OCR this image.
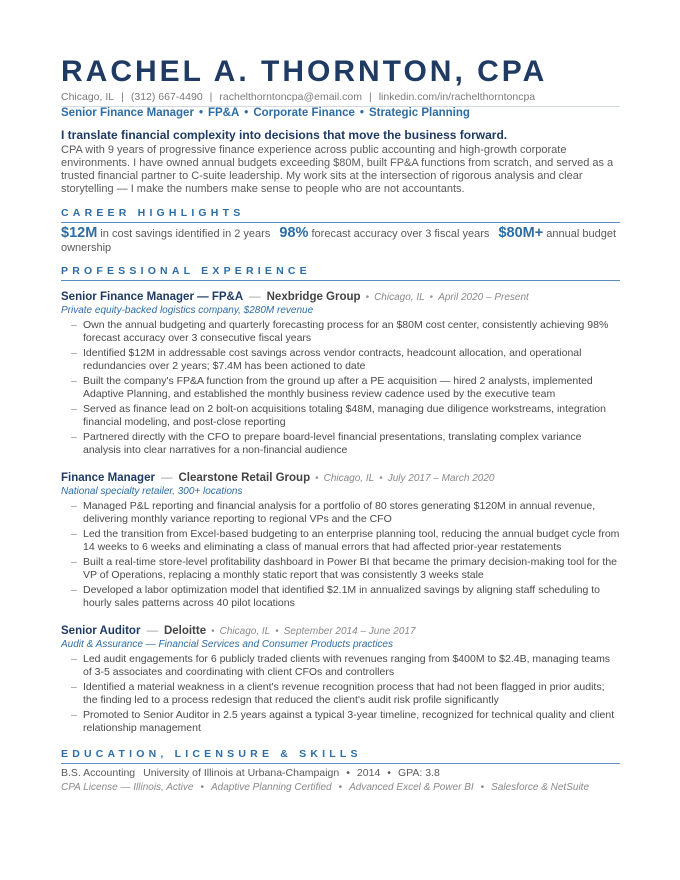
RACHEL A. THORNTON, CPA
Chicago, IL | (312) 667-4490 | rachelthorntoncpa@email.com | linkedin.com/in/rachelthorntoncpa
Senior Finance Manager • FP&A • Corporate Finance • Strategic Planning
I translate financial complexity into decisions that move the business forward.
CPA with 9 years of progressive finance experience across public accounting and high-growth corporate environments. I have owned annual budgets exceeding $80M, built FP&A functions from scratch, and served as a trusted financial partner to C-suite leadership. My work sits at the intersection of rigorous analysis and clear storytelling — I make the numbers make sense to people who are not accountants.
CAREER HIGHLIGHTS
$12M in cost savings identified in 2 years 98% forecast accuracy over 3 fiscal years $80M+ annual budget ownership
PROFESSIONAL EXPERIENCE
Senior Finance Manager — FP&A — Nexbridge Group • Chicago, IL • April 2020 – Present
Private equity-backed logistics company, $280M revenue
– Own the annual budgeting and quarterly forecasting process for an $80M cost center, consistently achieving 98% forecast accuracy over 3 consecutive fiscal years
– Identified $12M in addressable cost savings across vendor contracts, headcount allocation, and operational redundancies over 2 years; $7.4M has been actioned to date
– Built the company's FP&A function from the ground up after a PE acquisition — hired 2 analysts, implemented Adaptive Planning, and established the monthly business review cadence used by the executive team
– Served as finance lead on 2 bolt-on acquisitions totaling $48M, managing due diligence workstreams, integration financial modeling, and post-close reporting
– Partnered directly with the CFO to prepare board-level financial presentations, translating complex variance analysis into clear narratives for a non-financial audience
Finance Manager — Clearstone Retail Group • Chicago, IL • July 2017 – March 2020
National specialty retailer, 300+ locations
– Managed P&L reporting and financial analysis for a portfolio of 80 stores generating $120M in annual revenue, delivering monthly variance reporting to regional VPs and the CFO
– Led the transition from Excel-based budgeting to an enterprise planning tool, reducing the annual budget cycle from 14 weeks to 6 weeks and eliminating a class of manual errors that had affected prior-year restatements
– Built a real-time store-level profitability dashboard in Power BI that became the primary decision-making tool for the VP of Operations, replacing a monthly static report that was consistently 3 weeks stale
– Developed a labor optimization model that identified $2.1M in annualized savings by aligning staff scheduling to hourly sales patterns across 40 pilot locations
Senior Auditor — Deloitte • Chicago, IL • September 2014 – June 2017
Audit & Assurance — Financial Services and Consumer Products practices
– Led audit engagements for 6 publicly traded clients with revenues ranging from $400M to $2.4B, managing teams of 3-5 associates and coordinating with client CFOs and controllers
– Identified a material weakness in a client's revenue recognition process that had not been flagged in prior audits; the finding led to a process redesign that reduced the client's audit risk profile significantly
– Promoted to Senior Auditor in 2.5 years against a typical 3-year timeline, recognized for technical quality and client relationship management
EDUCATION, LICENSURE & SKILLS
B.S. Accounting University of Illinois at Urbana-Champaign • 2014 • GPA: 3.8
CPA License — Illinois, Active • Adaptive Planning Certified • Advanced Excel & Power BI • Salesforce & NetSuite
